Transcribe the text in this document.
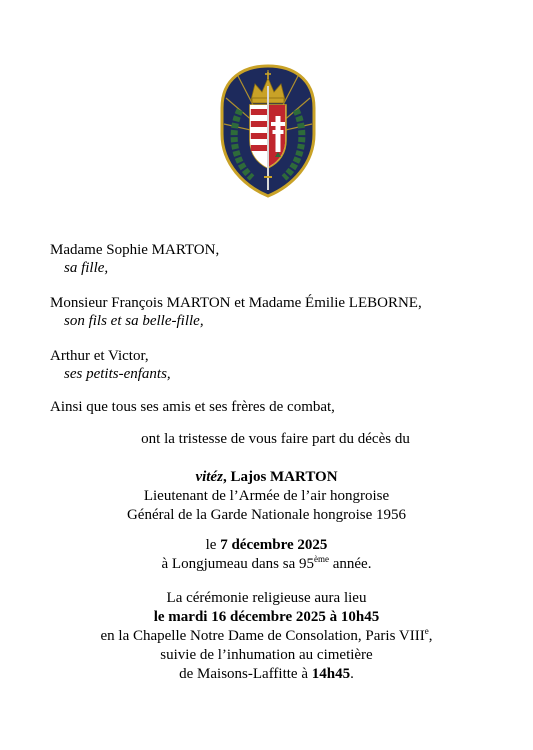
Madame Sophie MARTON,
sa fille,
Monsieur François MARTON et Madame Émilie LEBORNE,
son fils et sa belle-fille,
Arthur et Victor,
ses petits-enfants,
Ainsi que tous ses amis et ses frères de combat,
ont la tristesse de vous faire part du décès du
vitéz, Lajos MARTON
Lieutenant de l’Armée de l’air hongroise
Général de la Garde Nationale hongroise 1956
le 7 décembre 2025
à Longjumeau dans sa 95ème année.
La cérémonie religieuse aura lieu
le mardi 16 décembre 2025 à 10h45
en la Chapelle Notre Dame de Consolation, Paris VIIIe,
suivie de l’inhumation au cimetière
de Maisons-Laffitte à 14h45.
